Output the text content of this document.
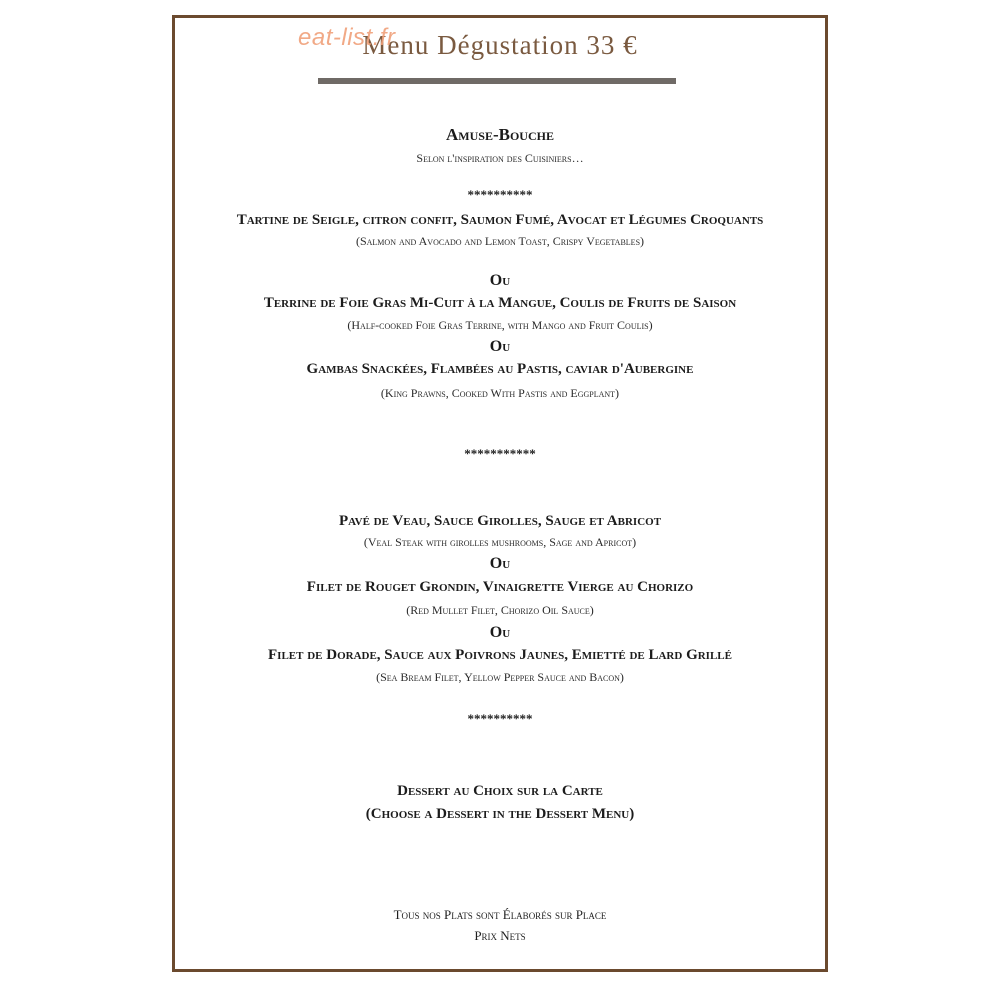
eat-list.fr
Menu Dégustation 33 €
Amuse-Bouche
Selon l'inspiration des Cuisiniers…
**********
Tartine de Seigle, citron confit, Saumon Fumé, Avocat et Légumes Croquants
(Salmon and Avocado and Lemon Toast, Crispy Vegetables)
Ou
Terrine de Foie Gras Mi-Cuit à la Mangue, Coulis de Fruits de Saison
(Half-cooked Foie Gras Terrine, with Mango and Fruit Coulis)
Ou
Gambas Snackées, Flambées au Pastis, caviar d'Aubergine
(King Prawns, Cooked With Pastis and Eggplant)
***********
Pavé de Veau, Sauce Girolles, Sauge et Abricot
(Veal Steak with girolles mushrooms, Sage and Apricot)
Ou
Filet de Rouget Grondin, Vinaigrette Vierge au Chorizo
(Red Mullet Filet, Chorizo Oil Sauce)
Ou
Filet de Dorade, Sauce aux Poivrons Jaunes, Emietté de Lard Grillé
(Sea Bream Filet, Yellow Pepper Sauce and Bacon)
**********
Dessert au Choix sur la Carte
(Choose a Dessert in the Dessert Menu)
Tous nos Plats sont Élaborés sur Place
Prix Nets
